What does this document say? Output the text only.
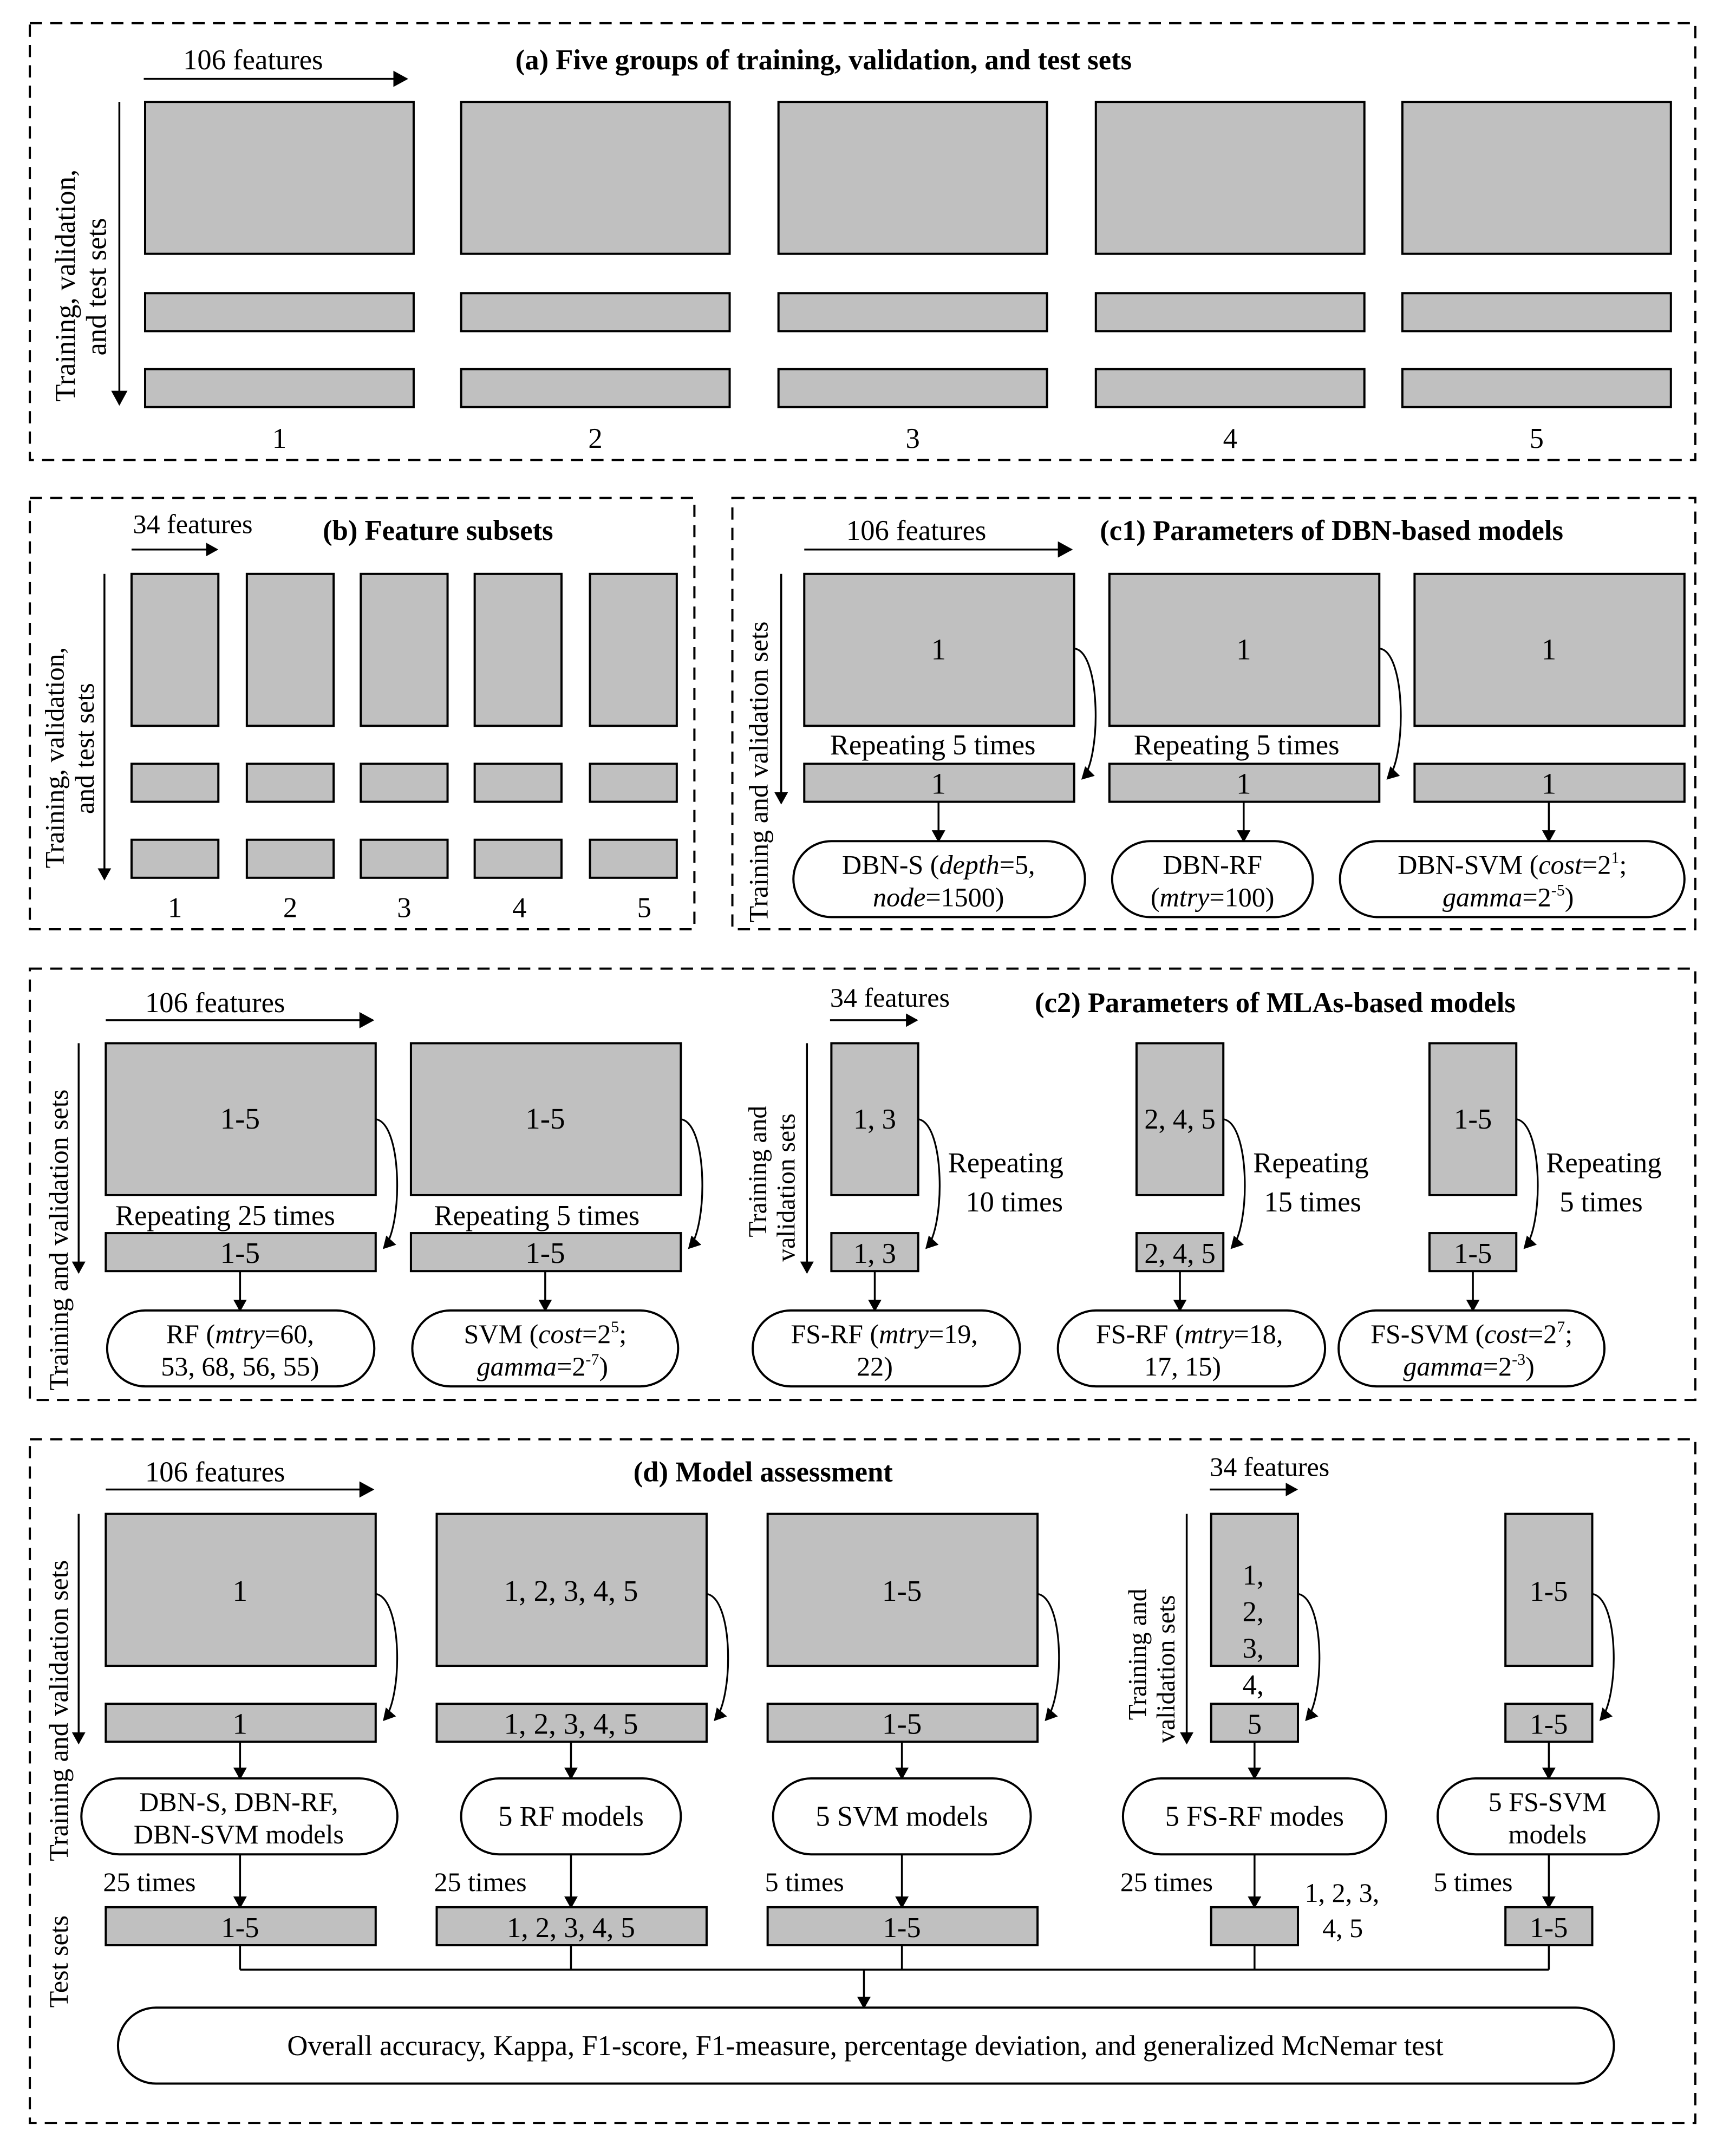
106 features	(a) Five groups of training, validation, and test sets
Training, validation, and test sets
1	2	3	4	5
34 features	(b) Feature subsets
Training, validation, and test sets
1	2	3	4	5
106 features	(c1) Parameters of DBN-based models
Training and validation sets	1
Repeating 5 times
1
DBN-S (depth=5,
node=1500)
1
Repeating 5 times
1
DBN-RF
(mtry=100)
1
1
DBN-SVM ($\cos t=2^1$;
$gamma=2^{-5}$)
106 features	34 features	(c2) Parameters of MLAs-based models
Training and validation sets	Training and validation sets
1-5
Repeating 25 times
1-5
RF (mtry=60,
53, 68, 56, 55)
1-5
Repeating 5 times
1-5
SVM ($\cos t=2^5$;
$gamma=2^{-7}$)
1, 3
Repeating
10 times
1, 3
FS-RF (mtry=19,
22)
2, 4, 5
Repeating
15 times
2, 4, 5
FS-RF (mtry=18,
17, 15)
1-5
Repeating
5 times
1-5
FS-SVM ($\cos t=2^7$;
$gamma=2^{-3}$)
106 features	(d) Model assessment	34 features
Training and validation sets
Test sets
Training and validation sets
1
1
DBN-S, DBN-RF,
DBN-SVM models
25 times
1-5
1, 2, 3, 4, 5
1, 2, 3, 4, 5
5 RF models
25 times
1, 2, 3, 4, 5
1-5
1-5
5 SVM models
5 times
1-5
1,
2,
3,
4,
5
5 FS-RF modes
25 times	1, 2, 3,
4, 5
1-5
1-5
5 FS-SVM
models
5 times
1-5
Overall accuracy, Kappa, F1-score, F1-measure, percentage deviation, and generalized McNemar test
